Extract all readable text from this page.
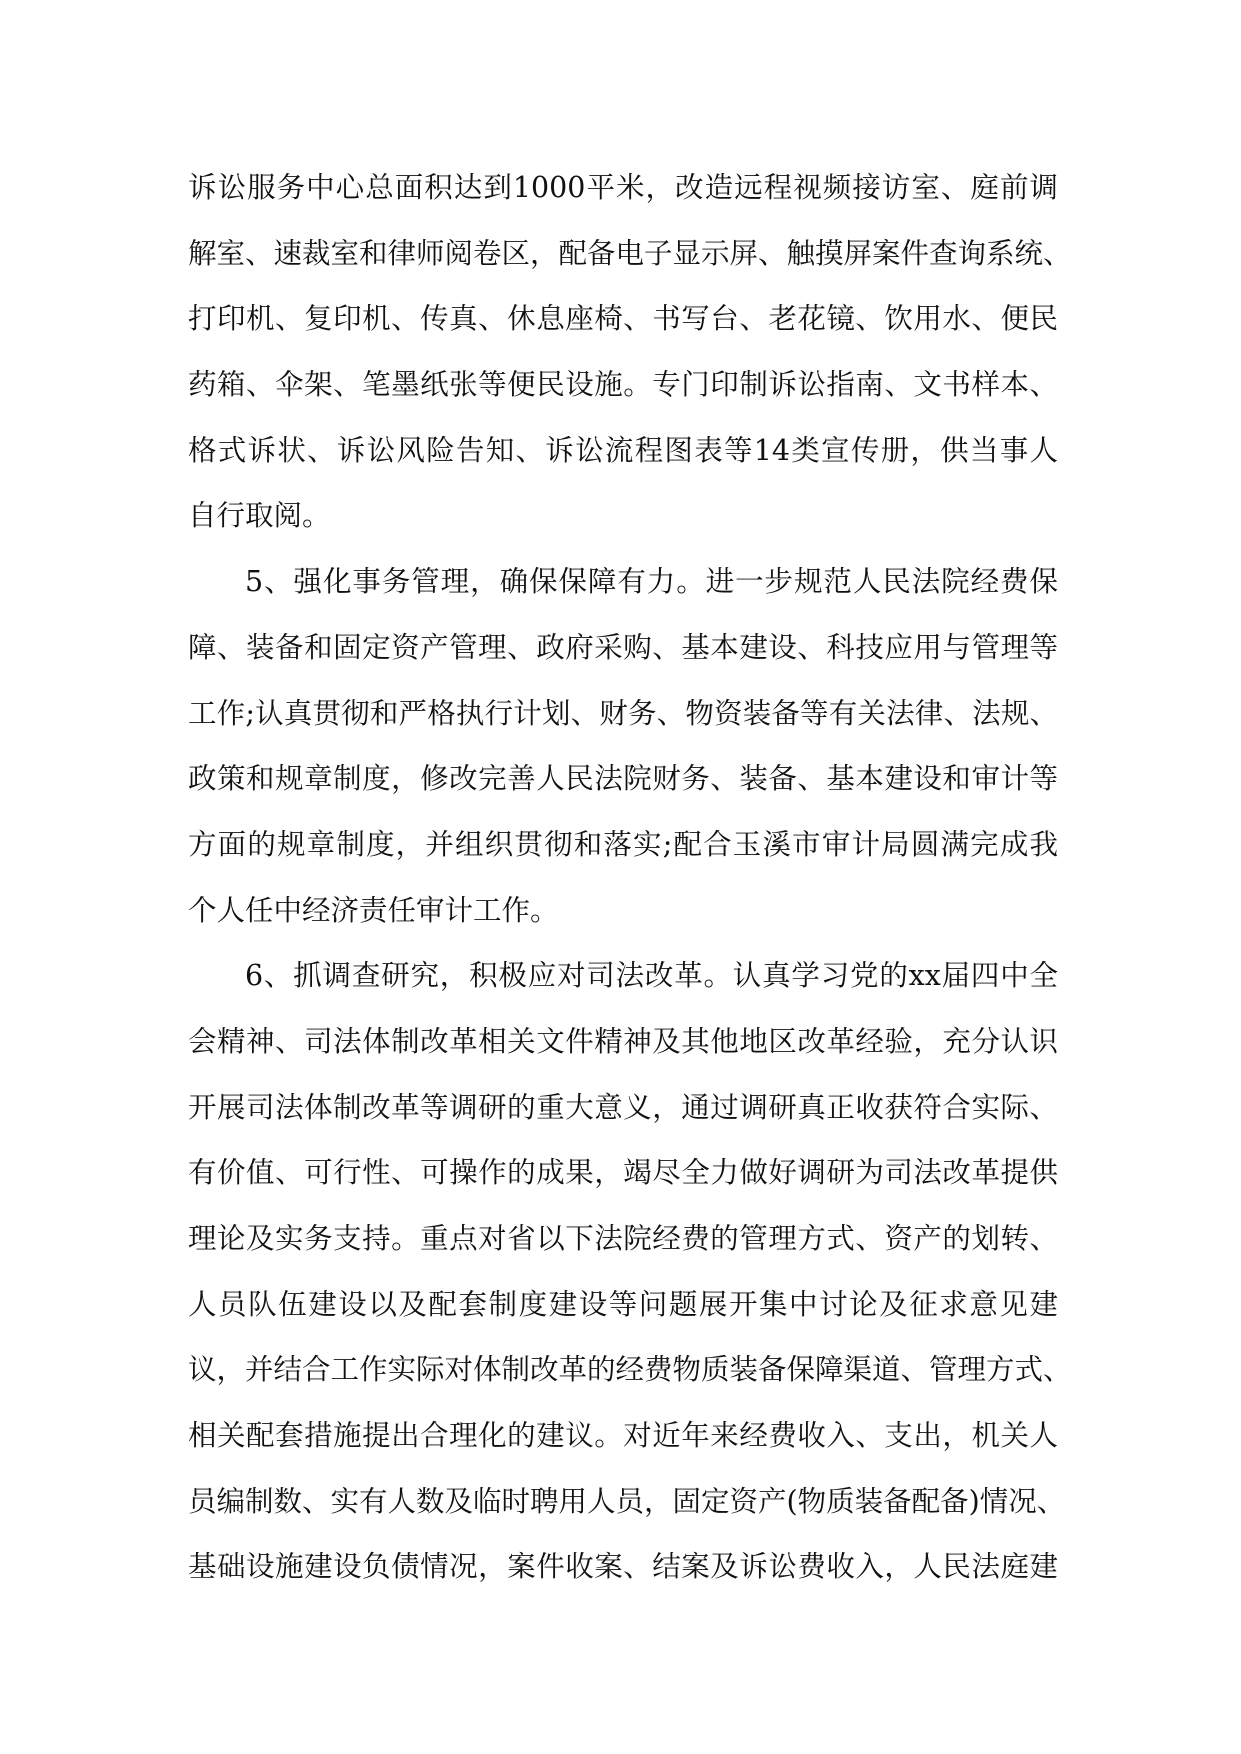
诉讼服务中心总面积达到1000平米，改造远程视频接访室、庭前调
解室、速裁室和律师阅卷区，配备电子显示屏、触摸屏案件查询系统、
打印机、复印机、传真、休息座椅、书写台、老花镜、饮用水、便民
药箱、伞架、笔墨纸张等便民设施。专门印制诉讼指南、文书样本、
格式诉状、诉讼风险告知、诉讼流程图表等14类宣传册，供当事人
自行取阅。
5、强化事务管理，确保保障有力。进一步规范人民法院经费保
障、装备和固定资产管理、政府采购、基本建设、科技应用与管理等
工作;认真贯彻和严格执行计划、财务、物资装备等有关法律、法规、
政策和规章制度，修改完善人民法院财务、装备、基本建设和审计等
方面的规章制度，并组织贯彻和落实;配合玉溪市审计局圆满完成我
个人任中经济责任审计工作。
6、抓调查研究，积极应对司法改革。认真学习党的xx届四中全
会精神、司法体制改革相关文件精神及其他地区改革经验，充分认识
开展司法体制改革等调研的重大意义，通过调研真正收获符合实际、
有价值、可行性、可操作的成果，竭尽全力做好调研为司法改革提供
理论及实务支持。重点对省以下法院经费的管理方式、资产的划转、
人员队伍建设以及配套制度建设等问题展开集中讨论及征求意见建
议，并结合工作实际对体制改革的经费物质装备保障渠道、管理方式、
相关配套措施提出合理化的建议。对近年来经费收入、支出，机关人
员编制数、实有人数及临时聘用人员，固定资产(物质装备配备)情况、
基础设施建设负债情况，案件收案、结案及诉讼费收入，人民法庭建
